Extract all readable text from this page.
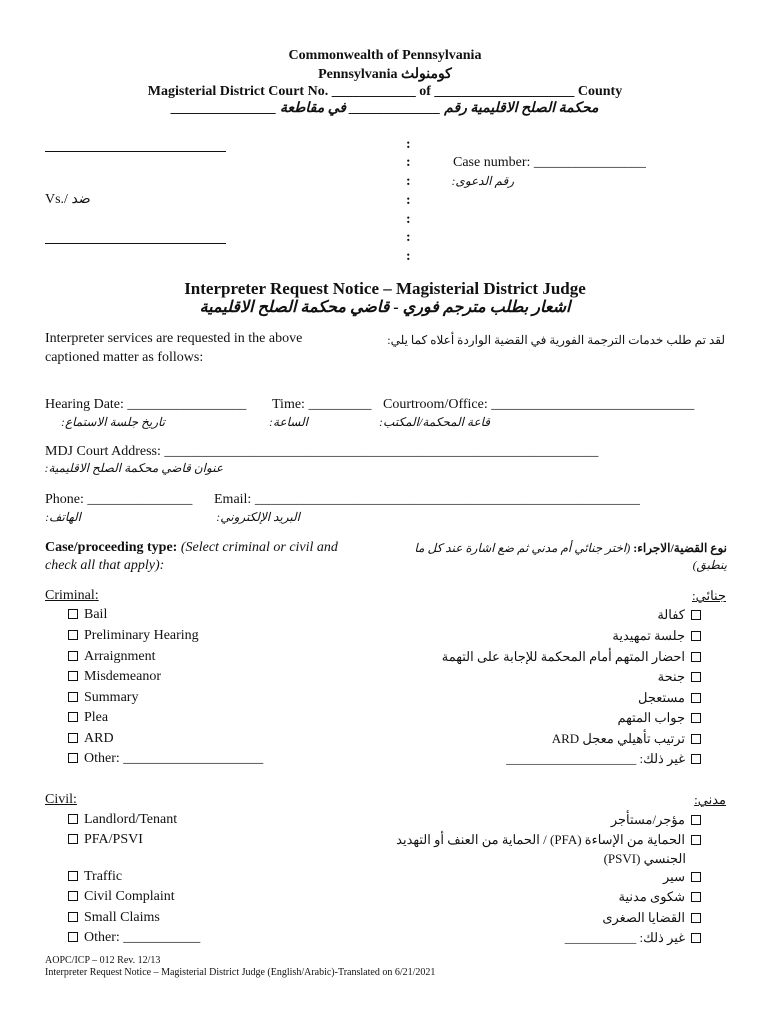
Commonwealth of Pennsylvania
Pennsylvania كومنولث
Magisterial District Court No. ____________ of ____________________ County
محكمة الصلح الاقليمية رقم _____________ في مقاطعة _______________
Vs./ ضد
:
:
:
:
:
:
:
Case number: ________________
رقم الدعوى:
Interpreter Request Notice – Magisterial District Judge
اشعار بطلب مترجم فوري - قاضي محكمة الصلح الاقليمية
Interpreter services are requested in the above
captioned matter as follows:
لقد تم طلب خدمات الترجمة الفورية في القضية الواردة أعلاه كما يلي:
Hearing Date: _________________ Time: _________ Courtroom/Office: _____________________________
تاريخ جلسة الاستماع:	الساعة:	قاعة المحكمة/المكتب:
MDJ Court Address: ______________________________________________________________
عنوان قاضي محكمة الصلح الاقليمية:
Phone: _______________ Email: _______________________________________________________
الهاتف:	البريد الإلكتروني:
Case/proceeding type: (Select criminal or civil and
check all that apply):
نوع القضية/الاجراء: (اختر جنائي أم مدني ثم ضع اشارة عند كل ما
ينطبق)
Criminal:	جنائي:
Bail
Preliminary Hearing
Arraignment
Misdemeanor
Summary
Plea
ARD
Other: ____________________
كفالة
جلسة تمهيدية
احضار المتهم أمام المحكمة للإجابة على التهمة
جنحة
مستعجل
جواب المتهم
ترتيب تأهيلي معجل ARD
غير ذلك: ____________________
Civil:	مدني:
Landlord/Tenant
PFA/PSVI
Traffic
Civil Complaint
Small Claims
Other: ___________
مؤجر/مستأجر
الحماية من الإساءة (PFA) / الحماية من العنف أو التهديد
الجنسي (PSVI)
سير
شكوى مدنية
القضايا الصغرى
غير ذلك: ___________
AOPC/ICP – 012 Rev. 12/13
Interpreter Request Notice – Magisterial District Judge (English/Arabic)-Translated on 6/21/2021
